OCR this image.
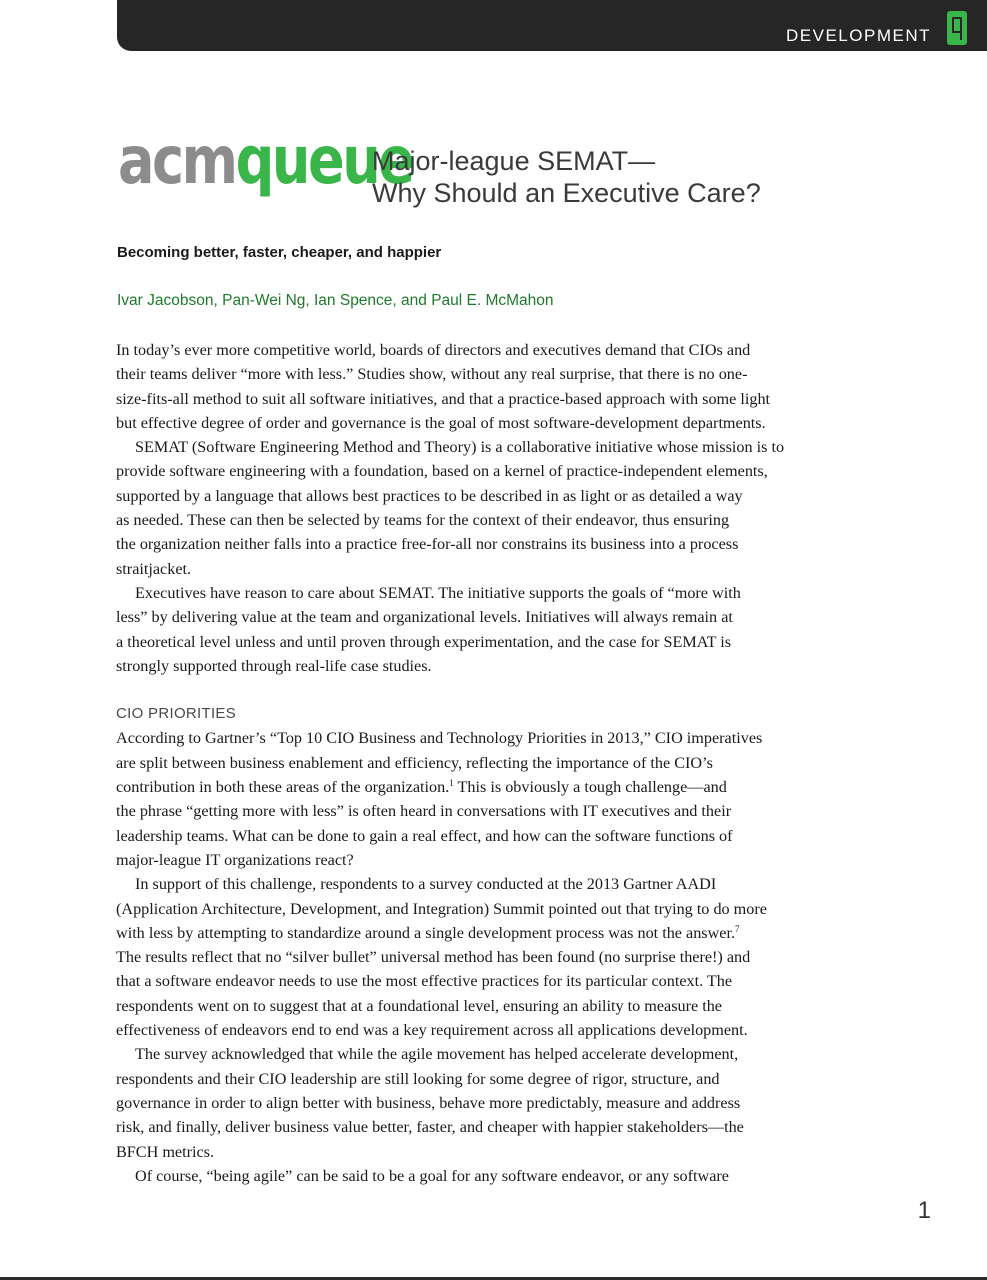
DEVELOPMENT
acmqueue
Major-league SEMAT—
Why Should an Executive Care?
Becoming better, faster, cheaper, and happier
Ivar Jacobson, Pan-Wei Ng, Ian Spence, and Paul E. McMahon
In today’s ever more competitive world, boards of directors and executives demand that CIOs and
their teams deliver “more with less.” Studies show, without any real surprise, that there is no one-
size-fits-all method to suit all software initiatives, and that a practice-based approach with some light
but effective degree of order and governance is the goal of most software-development departments.
SEMAT (Software Engineering Method and Theory) is a collaborative initiative whose mission is to
provide software engineering with a foundation, based on a kernel of practice-independent elements,
supported by a language that allows best practices to be described in as light or as detailed a way
as needed. These can then be selected by teams for the context of their endeavor, thus ensuring
the organization neither falls into a practice free-for-all nor constrains its business into a process
straitjacket.
Executives have reason to care about SEMAT. The initiative supports the goals of “more with
less” by delivering value at the team and organizational levels. Initiatives will always remain at
a theoretical level unless and until proven through experimentation, and the case for SEMAT is
strongly supported through real-life case studies.
CIO PRIORITIES
According to Gartner’s “Top 10 CIO Business and Technology Priorities in 2013,” CIO imperatives
are split between business enablement and efficiency, reflecting the importance of the CIO’s
contribution in both these areas of the organization.$^1$ This is obviously a tough challenge—and
the phrase “getting more with less” is often heard in conversations with IT executives and their
leadership teams. What can be done to gain a real effect, and how can the software functions of
major-league IT organizations react?
In support of this challenge, respondents to a survey conducted at the 2013 Gartner AADI
(Application Architecture, Development, and Integration) Summit pointed out that trying to do more
with less by attempting to standardize around a single development process was not the answer.$^7$
The results reflect that no “silver bullet” universal method has been found (no surprise there!) and
that a software endeavor needs to use the most effective practices for its particular context. The
respondents went on to suggest that at a foundational level, ensuring an ability to measure the
effectiveness of endeavors end to end was a key requirement across all applications development.
The survey acknowledged that while the agile movement has helped accelerate development,
respondents and their CIO leadership are still looking for some degree of rigor, structure, and
governance in order to align better with business, behave more predictably, measure and address
risk, and finally, deliver business value better, faster, and cheaper with happier stakeholders—the
BFCH metrics.
Of course, “being agile” can be said to be a goal for any software endeavor, or any software
1
